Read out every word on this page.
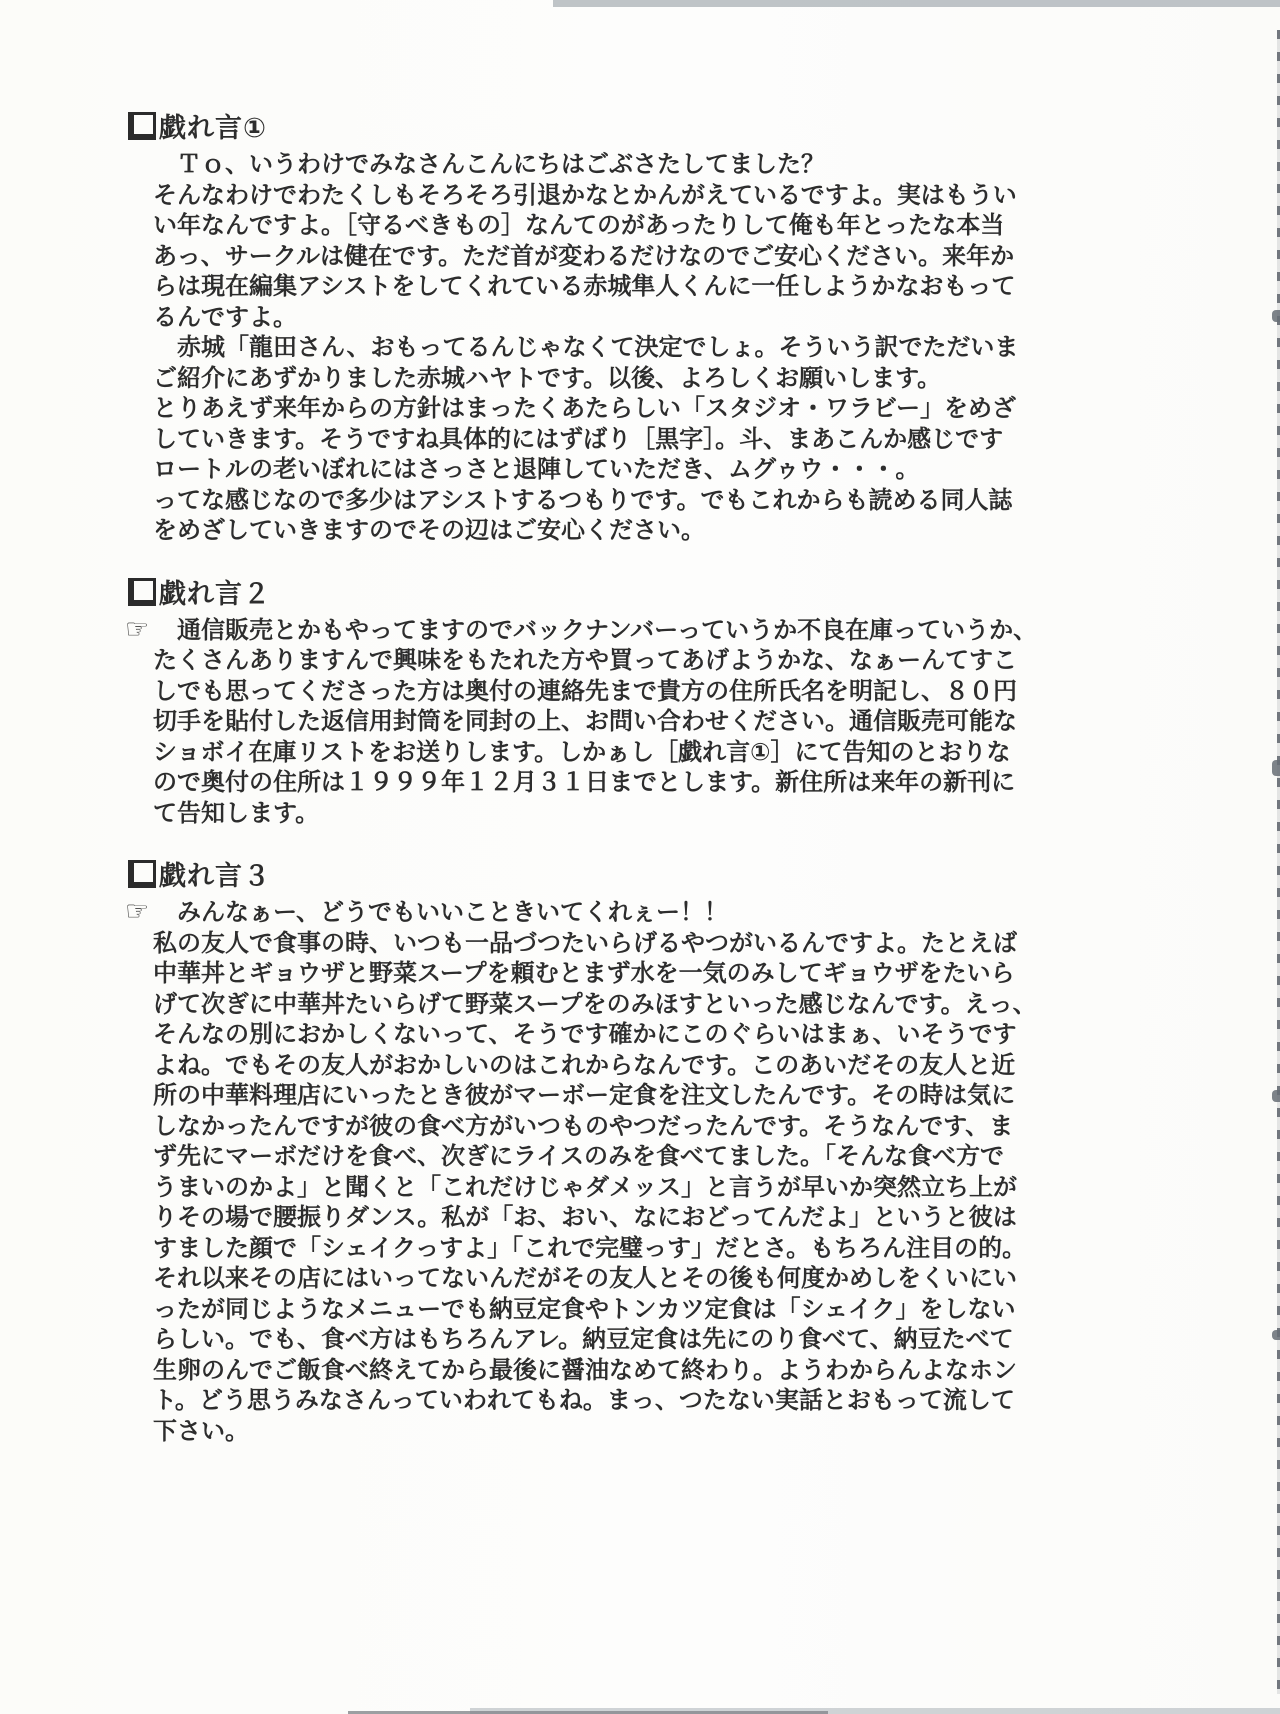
戯れ言①
　Ｔｏ、いうわけでみなさんこんにちはごぶさたしてました？
そんなわけでわたくしもそろそろ引退かなとかんがえているですよ。実はもうい
い年なんですよ。［守るべきもの］なんてのがあったりして俺も年とったな本当
あっ、サークルは健在です。ただ首が変わるだけなのでご安心ください。来年か
らは現在編集アシストをしてくれている赤城隼人くんに一任しようかなおもって
るんですよ。
　赤城「龍田さん、おもってるんじゃなくて決定でしょ。そういう訳でただいま
ご紹介にあずかりました赤城ハヤトです。以後、よろしくお願いします。
とりあえず来年からの方針はまったくあたらしい「スタジオ・ワラビー」をめざ
していきます。そうですね具体的にはずばり［黒字］。斗、まあこんか感じです
ロートルの老いぼれにはさっさと退陣していただき、ムグゥウ・・・。
ってな感じなので多少はアシストするつもりです。でもこれからも読める同人誌
をめざしていきますのでその辺はご安心ください。
戯れ言２
☞ 　通信販売とかもやってますのでバックナンバーっていうか不良在庫っていうか、
たくさんありますんで興味をもたれた方や買ってあげようかな、なぁーんてすこ
しでも思ってくださった方は奥付の連絡先まで貴方の住所氏名を明記し、８０円
切手を貼付した返信用封筒を同封の上、お問い合わせください。通信販売可能な
ショボイ在庫リストをお送りします。しかぁし［戯れ言①］にて告知のとおりな
ので奥付の住所は１９９９年１２月３１日までとします。新住所は来年の新刊に
て告知します。
戯れ言３
☞ 　みんなぁー、どうでもいいこときいてくれぇー！！
私の友人で食事の時、いつも一品づつたいらげるやつがいるんですよ。たとえば
中華丼とギョウザと野菜スープを頼むとまず水を一気のみしてギョウザをたいら
げて次ぎに中華丼たいらげて野菜スープをのみほすといった感じなんです。えっ、
そんなの別におかしくないって、そうです確かにこのぐらいはまぁ、いそうです
よね。でもその友人がおかしいのはこれからなんです。このあいだその友人と近
所の中華料理店にいったとき彼がマーボー定食を注文したんです。その時は気に
しなかったんですが彼の食べ方がいつものやつだったんです。そうなんです、ま
ず先にマーボだけを食べ、次ぎにライスのみを食べてました。「そんな食べ方で
うまいのかよ」と聞くと「これだけじゃダメッス」と言うが早いか突然立ち上が
りその場で腰振りダンス。私が「お、おい、なにおどってんだよ」というと彼は
すました顔で「シェイクっすよ」「これで完璧っす」だとさ。もちろん注目の的。
それ以来その店にはいってないんだがその友人とその後も何度かめしをくいにい
ったが同じようなメニューでも納豆定食やトンカツ定食は「シェイク」をしない
らしい。でも、食べ方はもちろんアレ。納豆定食は先にのり食べて、納豆たべて
生卵のんでご飯食べ終えてから最後に醤油なめて終わり。ようわからんよなホン
ト。どう思うみなさんっていわれてもね。まっ、つたない実話とおもって流して
下さい。
